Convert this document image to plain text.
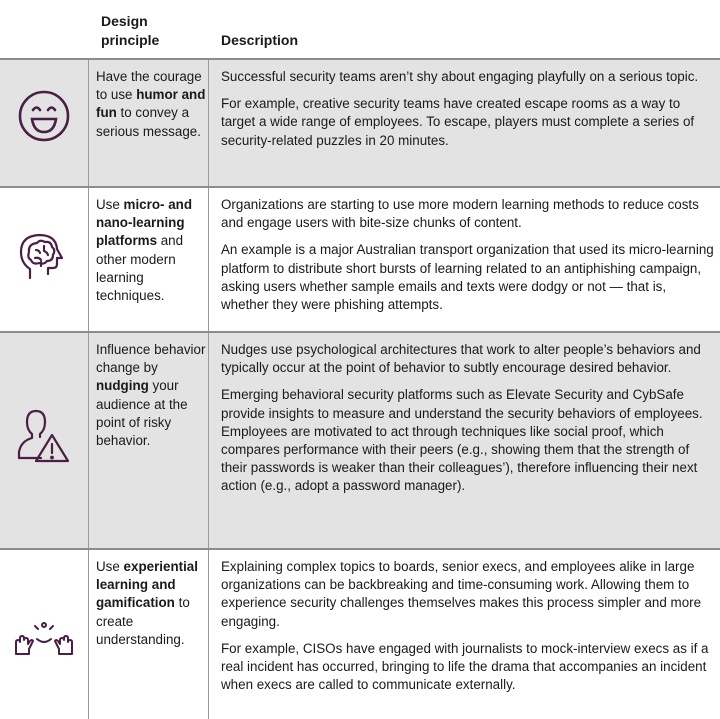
Design principle	Description
Have the courage to use humor and fun to convey a serious message.

Successful security teams aren’t shy about engaging playfully on a serious topic.

For example, creative security teams have created escape rooms as a way to target a wide range of employees. To escape, players must complete a series of security-related puzzles in 20 minutes.

Use micro- and nano-learning platforms and other modern learning techniques.

Organizations are starting to use more modern learning methods to reduce costs and engage users with bite-size chunks of content.

An example is a major Australian transport organization that used its micro-learning platform to distribute short bursts of learning related to an antiphishing campaign, asking users whether sample emails and texts were dodgy or not — that is, whether they were phishing attempts.

Influence behavior change by nudging your audience at the point of risky behavior.

Nudges use psychological architectures that work to alter people’s behaviors and typically occur at the point of behavior to subtly encourage desired behavior.

Emerging behavioral security platforms such as Elevate Security and CybSafe provide insights to measure and understand the security behaviors of employees. Employees are motivated to act through techniques like social proof, which compares performance with their peers (e.g., showing them that the strength of their passwords is weaker than their colleagues’), therefore influencing their next action (e.g., adopt a password manager).

Use experiential learning and gamification to create understanding.

Explaining complex topics to boards, senior execs, and employees alike in large organizations can be backbreaking and time-consuming work. Allowing them to experience security challenges themselves makes this process simpler and more engaging.

For example, CISOs have engaged with journalists to mock-interview execs as if a real incident has occurred, bringing to life the drama that accompanies an incident when execs are called to communicate externally.
